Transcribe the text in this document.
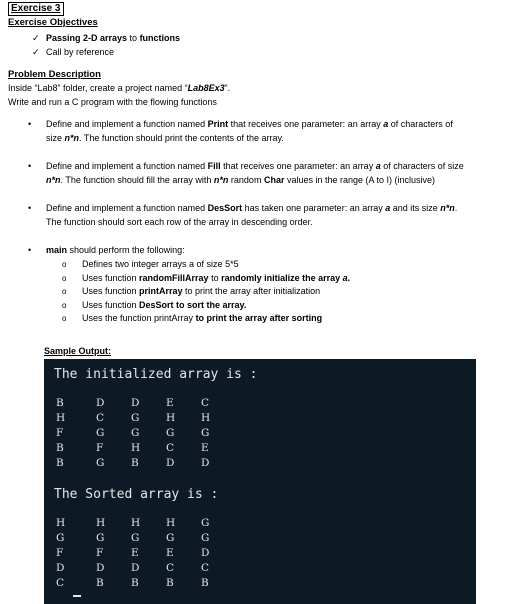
Exercise 3
Exercise Objectives
✓ Passing 2-D arrays to functions
✓ Call by reference
Problem Description
Inside “Lab8” folder, create a project named “Lab8Ex3”.
Write and run a C program with the flowing functions
• Define and implement a function named Print that receives one parameter: an array a of characters of size n*n. The function should print the contents of the array.
• Define and implement a function named Fill that receives one parameter: an array a of characters of size n*n. The function should fill the array with n*n random Char values in the range (A to I) (inclusive)
• Define and implement a function named DesSort has taken one parameter: an array a and its size n*n. The function should sort each row of the array in descending order.
• main should perform the following:
o Defines two integer arrays a of size 5*5
o Uses function randomFillArray to randomly initialize the array a.
o Uses function printArray to print the array after initialization
o Uses function DesSort to sort the array.
o Uses the function printArray to print the array after sorting
Sample Output:
The initialized array is :
B	D	D	E	C
H	C	G	H	H
F	G	G	G	G
B	F	H	C	E
B	G	B	D	D
The Sorted array is :
H	H	H	H	G
G	G	G	G	G
F	F	E	E	D
D	D	D	C	C
C	B	B	B	B
